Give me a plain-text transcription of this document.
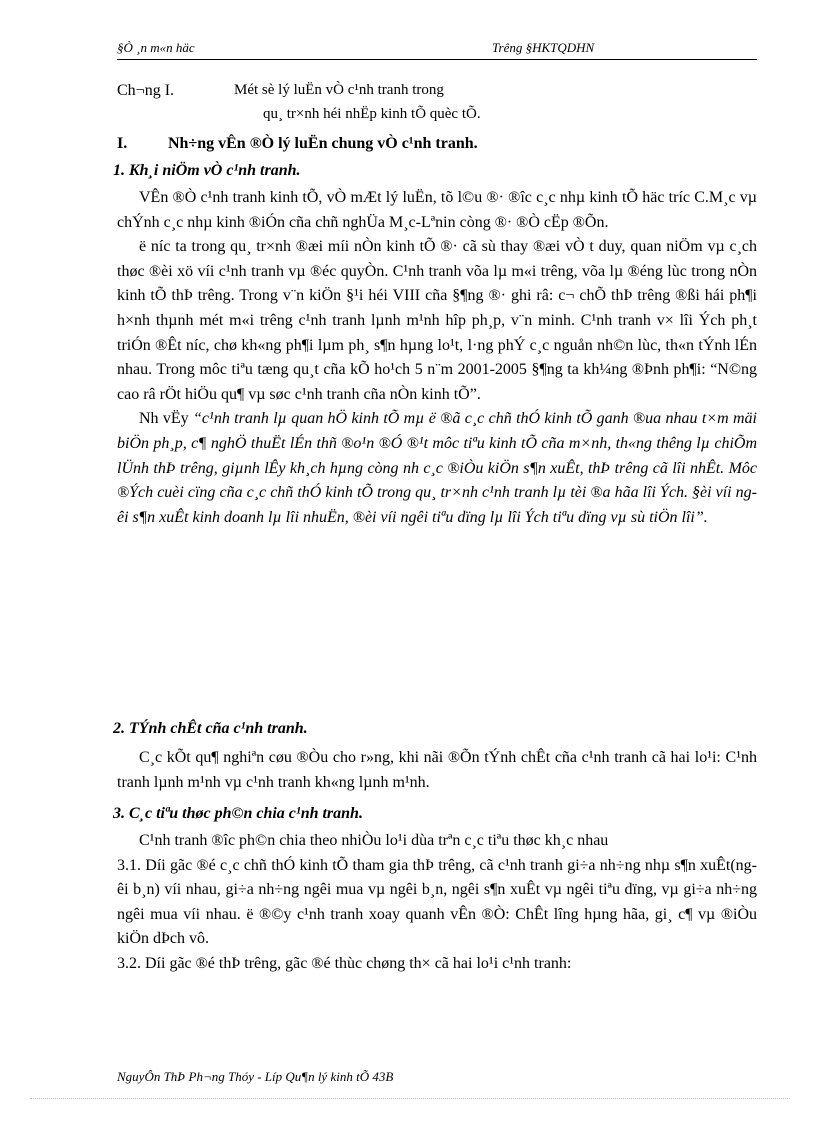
§Ò ¸n m«n häc	Trêng §HKTQDHN
Ch¬ng I.	Mét sè lý luËn vÒ c¹nh tranh trong
qu¸ tr×nh héi nhËp kinh tÕ quèc tÕ.
I.	Nh÷ng vÊn ®Ò lý luËn chung vÒ c¹nh tranh.
1. Kh¸i niÖm vÒ c¹nh tranh.

VÊn ®Ò c¹nh tranh kinh tÕ, vÒ mÆt lý luËn, tõ l©u ®· ®îc c¸c nhµ kinh tÕ häc tríc C.M¸c vµ chÝnh c¸c nhµ kinh ®iÓn cña chñ nghÜa M¸c-Lªnin còng ®· ®Ò cËp ®Õn.

ë níc ta trong qu¸ tr×nh ®æi míi nÒn kinh tÕ ®· cã sù thay ®æi vÒ t duy, quan niÖm vµ c¸ch thøc ®èi xö víi c¹nh tranh vµ ®éc quyÒn. C¹nh tranh võa lµ m«i trêng, võa lµ ®éng lùc trong nÒn kinh tÕ thÞ trêng. Trong v¨n kiÖn §¹i héi VIII cña §¶ng ®· ghi râ: c¬ chÕ thÞ trêng ®ßi hái ph¶i h×nh thµnh mét m«i trêng c¹nh tranh lµnh m¹nh hîp ph¸p, v¨n minh. C¹nh tranh v× lîi Ých ph¸t triÓn ®Êt níc, chø kh«ng ph¶i lµm ph¸ s¶n hµng lo¹t, l·ng phÝ c¸c nguån nh©n lùc, th«n tÝnh lÉn nhau. Trong môc tiªu tæng qu¸t cña kÕ ho¹ch 5 n¨m 2001-2005 §¶ng ta kh¼ng ®Þnh ph¶i: “N©ng cao râ rÖt hiÖu qu¶ vµ søc c¹nh tranh cña nÒn kinh tÕ”.

Nh vËy “c¹nh tranh lµ quan hÖ kinh tÕ mµ ë ®ã c¸c chñ thÓ kinh tÕ ganh ®ua nhau t×m mäi biÖn ph¸p, c¶ nghÖ thuËt lÉn thñ ®o¹n ®Ó ®¹t môc tiªu kinh tÕ cña m×nh, th«ng thêng lµ chiÕm lÜnh thÞ trêng, giµnh lÊy kh¸ch hµng còng nh c¸c ®iÒu kiÖn s¶n xuÊt, thÞ trêng cã lîi nhÊt. Môc ®Ých cuèi cïng cña c¸c chñ thÓ kinh tÕ trong qu¸ tr×nh c¹nh tranh lµ tèi ®a hãa lîi Ých. §èi víi ngêi s¶n xuÊt kinh doanh lµ lîi nhuËn, ®èi víi ngêi tiªu dïng lµ lîi Ých tiªu dïng vµ sù tiÖn lîi”.

2. TÝnh chÊt cña c¹nh tranh.

C¸c kÕt qu¶ nghiªn cøu ®Òu cho r»ng, khi nãi ®Õn tÝnh chÊt cña c¹nh tranh cã hai lo¹i: C¹nh tranh lµnh m¹nh vµ c¹nh tranh kh«ng lµnh m¹nh.

3. C¸c tiªu thøc ph©n chia c¹nh tranh.

C¹nh tranh ®îc ph©n chia theo nhiÒu lo¹i dùa trªn c¸c tiªu thøc kh¸c nhau

3.1. Díi gãc ®é c¸c chñ thÓ kinh tÕ tham gia thÞ trêng, cã c¹nh tranh gi÷a nh÷ng nhµ s¶n xuÊt(ngêi b¸n) víi nhau, gi÷a nh÷ng ngêi mua vµ ngêi b¸n, ngêi s¶n xuÊt vµ ngêi tiªu dïng, vµ gi÷a nh÷ng ngêi mua víi nhau. ë ®©y c¹nh tranh xoay quanh vÊn ®Ò: ChÊt lîng hµng hãa, gi¸ c¶ vµ ®iÒu kiÖn dÞch vô.

3.2. Díi gãc ®é thÞ trêng, gãc ®é thùc chøng th× cã hai lo¹i c¹nh tranh:

NguyÔn ThÞ Ph¬ng Thóy - Líp Qu¶n lý kinh tÕ 43B
